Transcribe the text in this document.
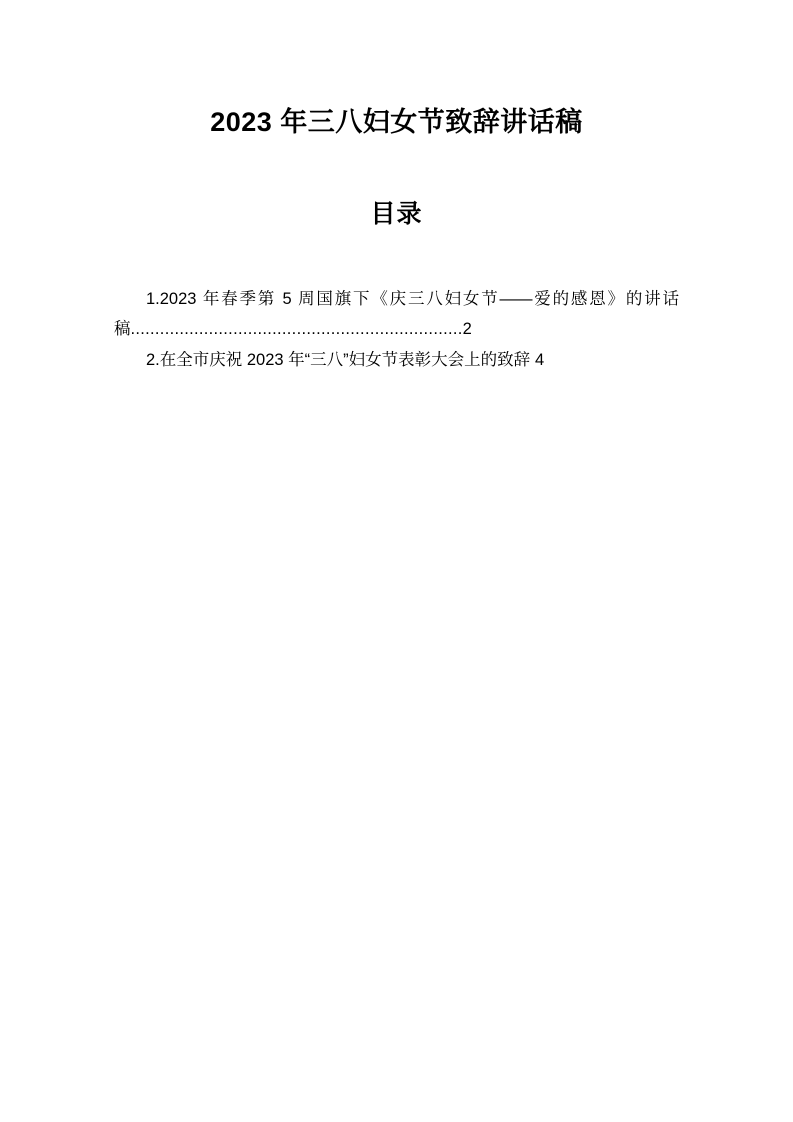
2023 年三八妇女节致辞讲话稿
目录
1.2023 年春季第 5 周国旗下《庆三八妇女节——爱的感恩》的讲话稿....................................................................2
2.在全市庆祝 2023 年“三八”妇女节表彰大会上的致辞 4
